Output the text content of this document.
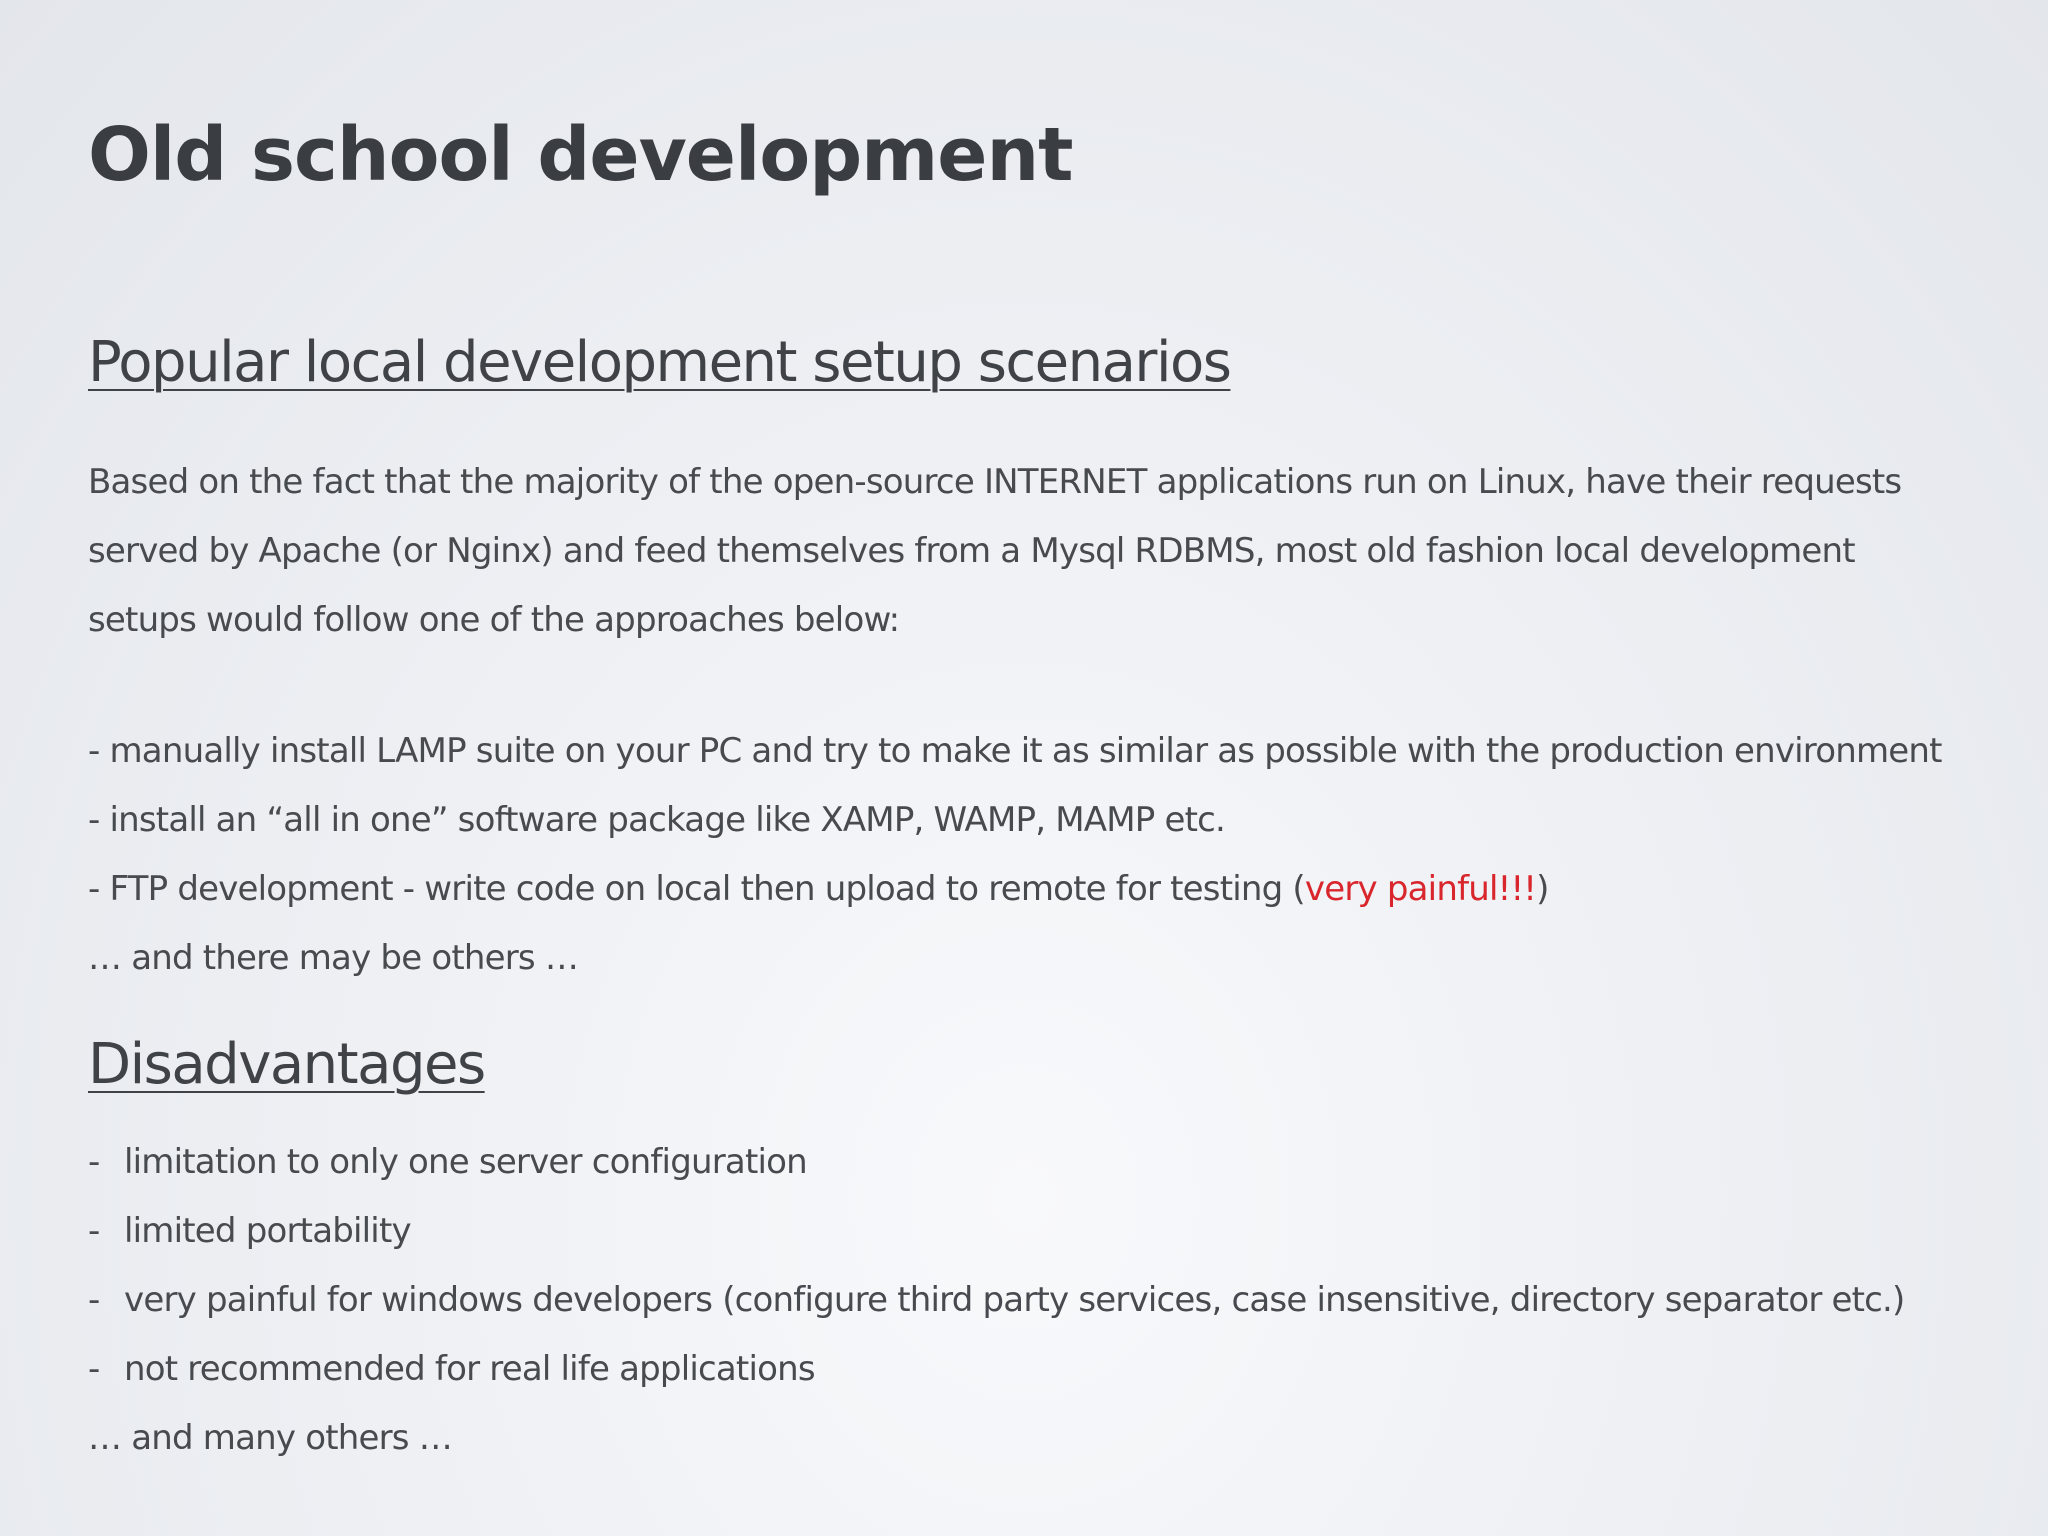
Old school development
Popular local development setup scenarios

Based on the fact that the majority of the open-source INTERNET applications run on Linux, have their requests served by Apache (or Nginx) and feed themselves from a Mysql RDBMS, most old fashion local development setups would follow one of the approaches below:

- manually install LAMP suite on your PC and try to make it as similar as possible with the production environment
- install an “all in one” software package like XAMP, WAMP, MAMP etc.
- FTP development - write code on local then upload to remote for testing (very painful!!!)
… and there may be others …
Disadvantages
- limitation to only one server configuration
- limited portability
- very painful for windows developers (configure third party services, case insensitive, directory separator etc.)
- not recommended for real life applications
… and many others …
